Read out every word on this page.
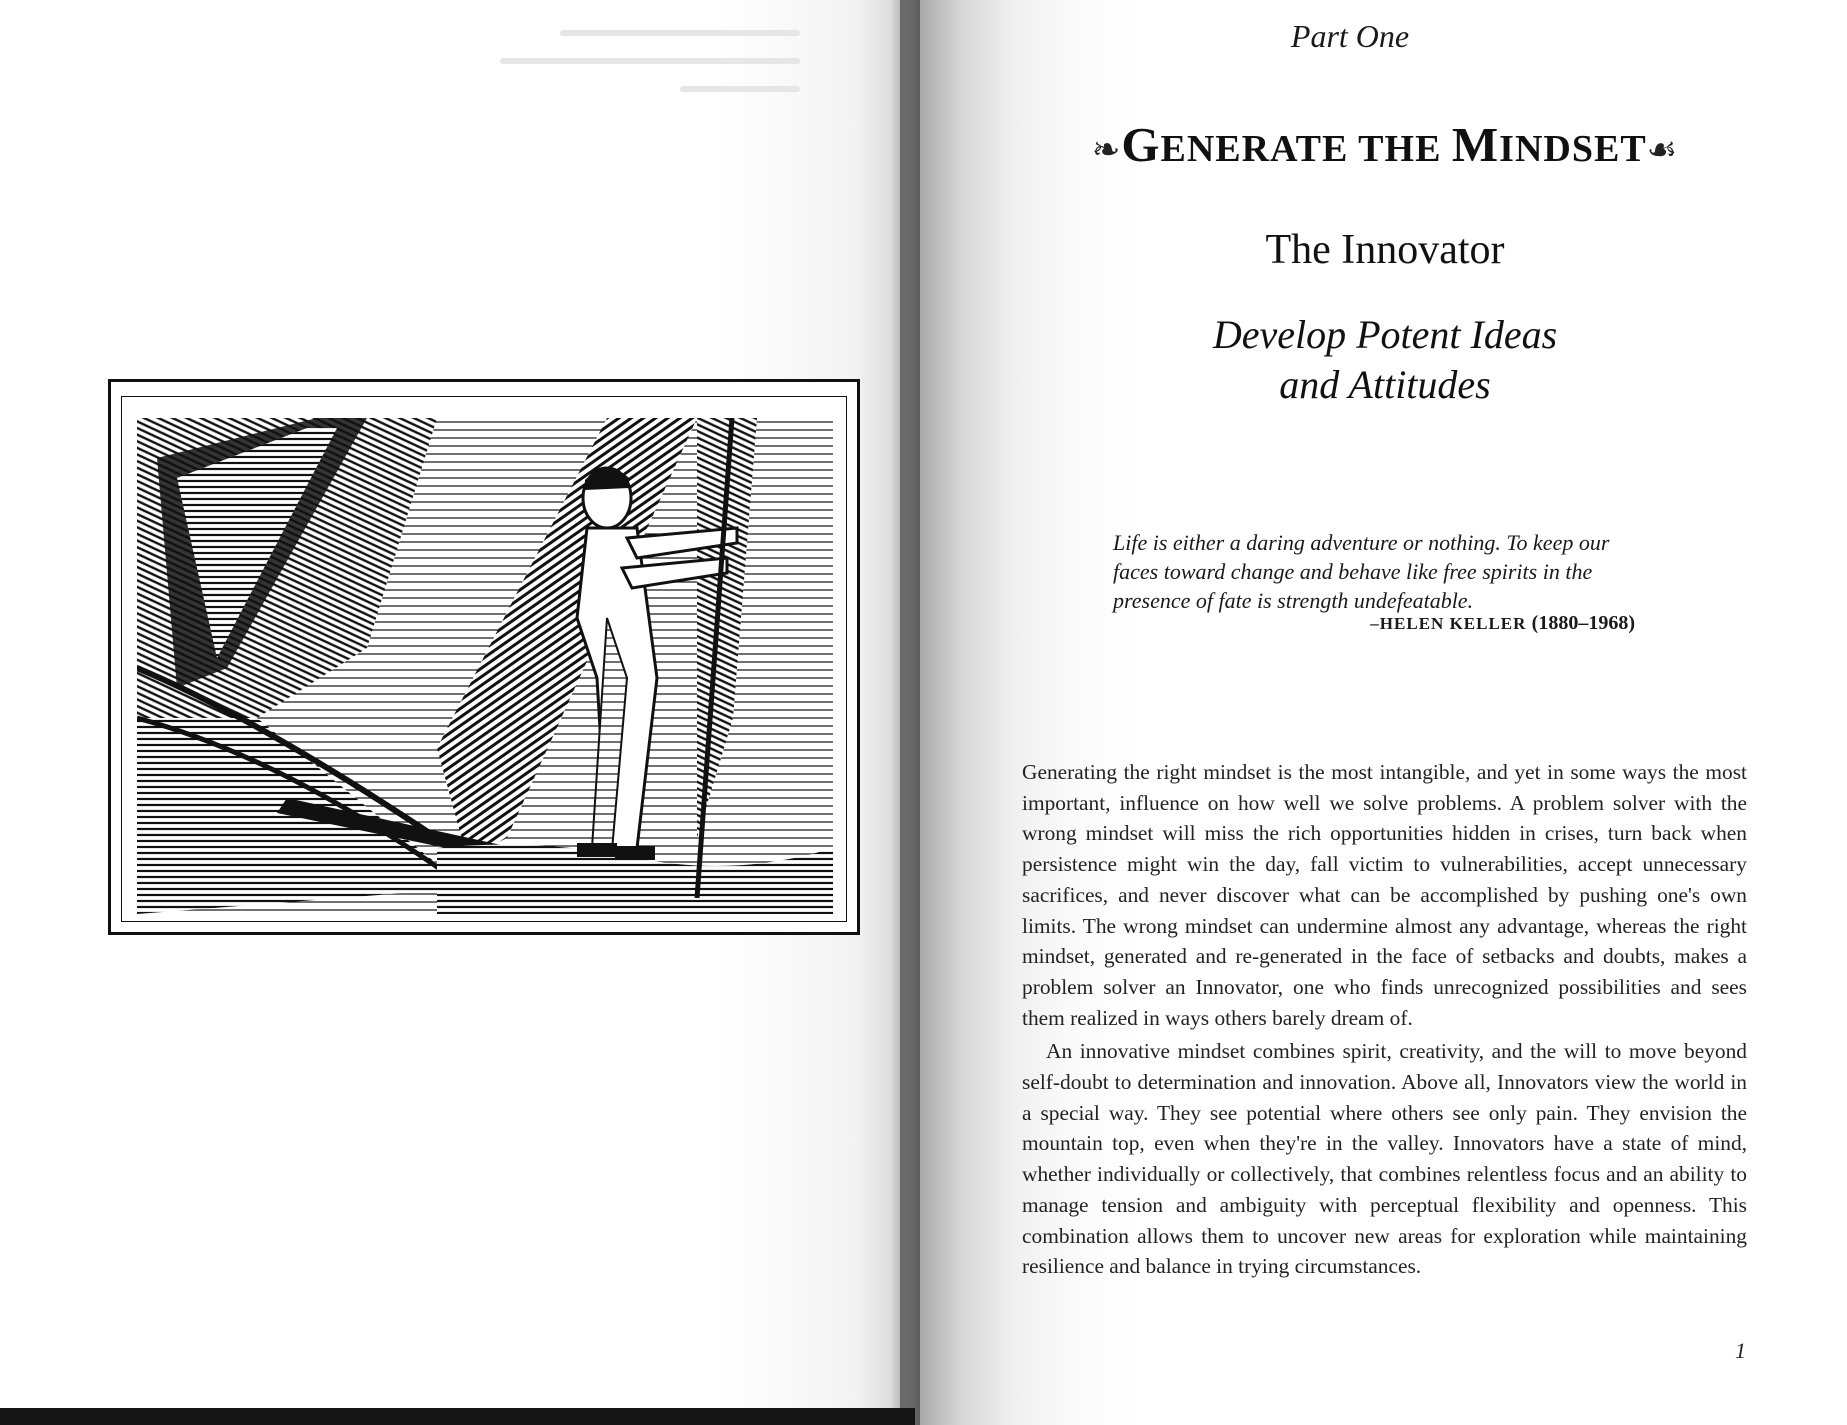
Part One
❧GENERATE THE MINDSET☙
The Innovator
Develop Potent Ideas
and Attitudes
Life is either a daring adventure or nothing. To keep our faces toward change and behave like free spirits in the presence of fate is strength undefeatable.
–HELEN KELLER (1880–1968)

Generating the right mindset is the most intangible, and yet in some ways the most important, influence on how well we solve problems. A problem solver with the wrong mindset will miss the rich opportunities hidden in crises, turn back when persistence might win the day, fall victim to vulnerabilities, accept unnecessary sacrifices, and never discover what can be accomplished by pushing one's own limits. The wrong mindset can undermine almost any advantage, whereas the right mindset, generated and re-generated in the face of setbacks and doubts, makes a problem solver an Innovator, one who finds unrecognized possibilities and sees them realized in ways others barely dream of.

An innovative mindset combines spirit, creativity, and the will to move beyond self-doubt to determination and innovation. Above all, Innovators view the world in a special way. They see potential where others see only pain. They envision the mountain top, even when they're in the valley. Innovators have a state of mind, whether individually or collectively, that combines relentless focus and an ability to manage tension and ambiguity with perceptual flexibility and openness. This combination allows them to uncover new areas for exploration while maintaining resilience and balance in trying circumstances.

1
